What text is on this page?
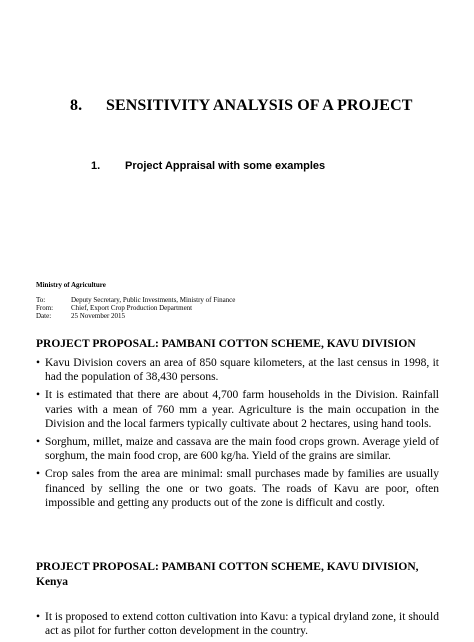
8. SENSITIVITY ANALYSIS OF A PROJECT
1. Project Appraisal with some examples
Ministry of Agriculture
To:	Deputy Secretary, Public Investments, Ministry of Finance
From:	Chief, Export Crop Production Department
Date:	25 November 2015
PROJECT PROPOSAL: PAMBANI COTTON SCHEME, KAVU DIVISION
• Kavu Division covers an area of 850 square kilometers, at the last census in 1998, it had the population of 38,430 persons.
• It is estimated that there are about 4,700 farm households in the Division. Rainfall varies with a mean of 760 mm a year. Agriculture is the main occupation in the Division and the local farmers typically cultivate about 2 hectares, using hand tools.
• Sorghum, millet, maize and cassava are the main food crops grown. Average yield of sorghum, the main food crop, are 600 kg/ha. Yield of the grains are similar.
• Crop sales from the area are minimal: small purchases made by families are usually financed by selling the one or two goats. The roads of Kavu are poor, often impossible and getting any products out of the zone is difficult and costly.
PROJECT PROPOSAL: PAMBANI COTTON SCHEME, KAVU DIVISION,
Kenya
• It is proposed to extend cotton cultivation into Kavu: a typical dryland zone, it should act as pilot for further cotton development in the country.
